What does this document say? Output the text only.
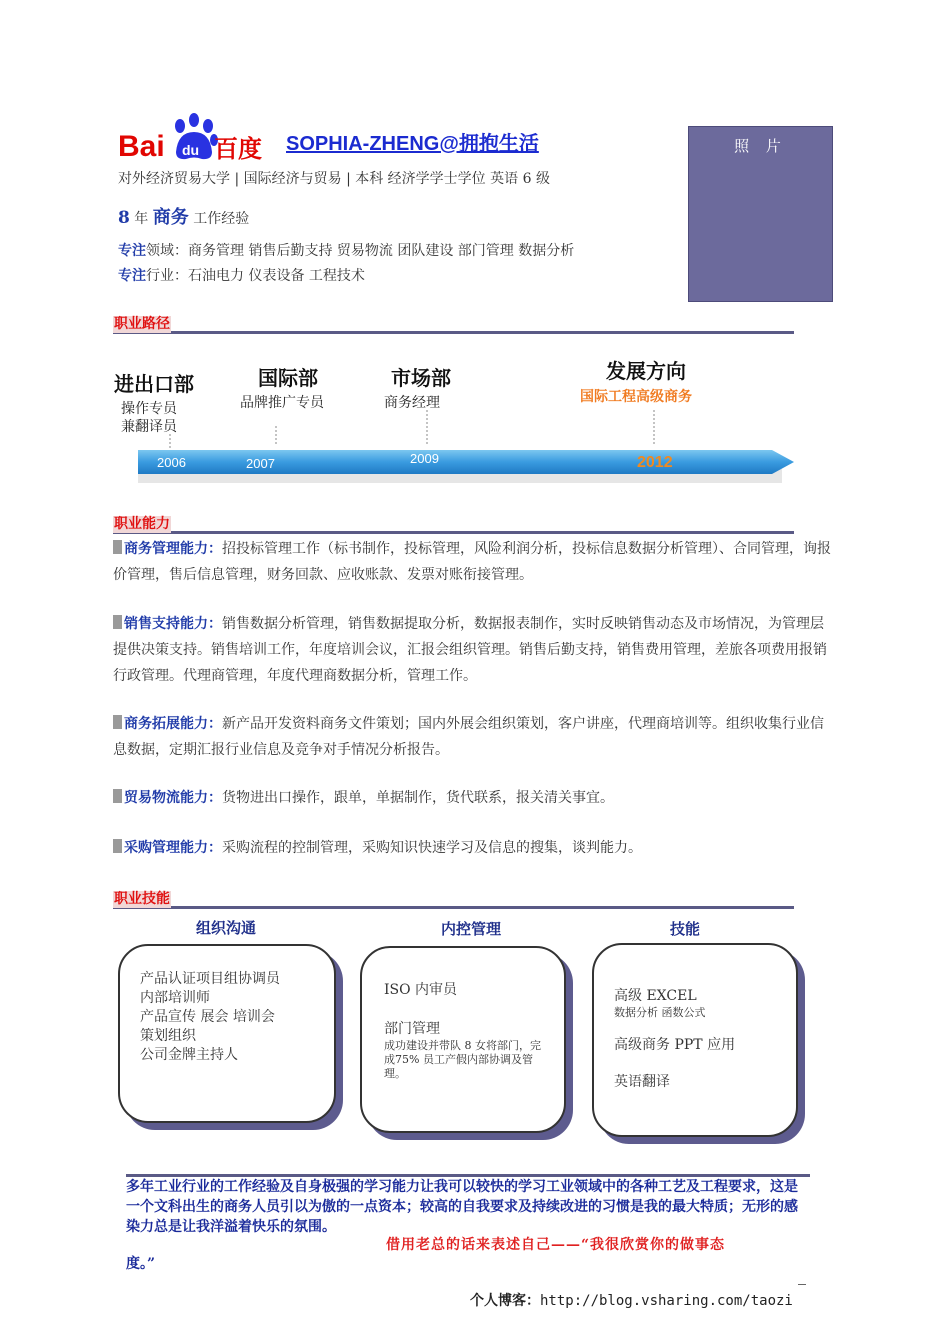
Bai du 百度 SOPHIA-ZHENG@拥抱生活	照 片
对外经济贸易大学 | 国际经济与贸易 | 本科 经济学学士学位 英语 6 级
8 年 商务 工作经验
专注领域：商务管理 销售后勤支持 贸易物流 团队建设 部门管理 数据分析
专注行业：石油电力 仪表设备 工程技术
职业路径
进出口部
操作专员
兼翻译员
2006
国际部
品牌推广专员
2007
市场部
商务经理
2009
发展方向
国际工程高级商务
2012
职业能力
商务管理能力：招投标管理工作（标书制作，投标管理，风险利润分析，投标信息数据分析管理）、合同管理，询报价管理，售后信息管理，财务回款、应收账款、发票对账衔接管理。
销售支持能力：销售数据分析管理，销售数据提取分析，数据报表制作，实时反映销售动态及市场情况，为管理层提供决策支持。销售培训工作，年度培训会议，汇报会组织管理。销售后勤支持，销售费用管理，差旅各项费用报销行政管理。代理商管理，年度代理商数据分析，管理工作。
商务拓展能力：新产品开发资料商务文件策划；国内外展会组织策划，客户讲座，代理商培训等。组织收集行业信息数据，定期汇报行业信息及竞争对手情况分析报告。
贸易物流能力：货物进出口操作，跟单，单据制作，货代联系，报关清关事宜。
采购管理能力：采购流程的控制管理，采购知识快速学习及信息的搜集，谈判能力。
职业技能
组织沟通	内控管理	技能
产品认证项目组协调员
内部培训师
产品宣传 展会 培训会
策划组织
公司金牌主持人
ISO 内审员
部门管理
成功建设并带队 8 女将部门，完成75% 员工产假内部协调及管理。
高级 EXCEL
数据分析 函数公式
高级商务 PPT 应用
英语翻译
多年工业行业的工作经验及自身极强的学习能力让我可以较快的学习工业领域中的各种工艺及工程要求，这是一个文科出生的商务人员引以为傲的一点资本；较高的自我要求及持续改进的习惯是我的最大特质；无形的感染力总是让我洋溢着快乐的氛围。
借用老总的话来表述自己——“我很欣赏你的做事态
度。”
个人博客：http://blog.vsharing.com/taozi
